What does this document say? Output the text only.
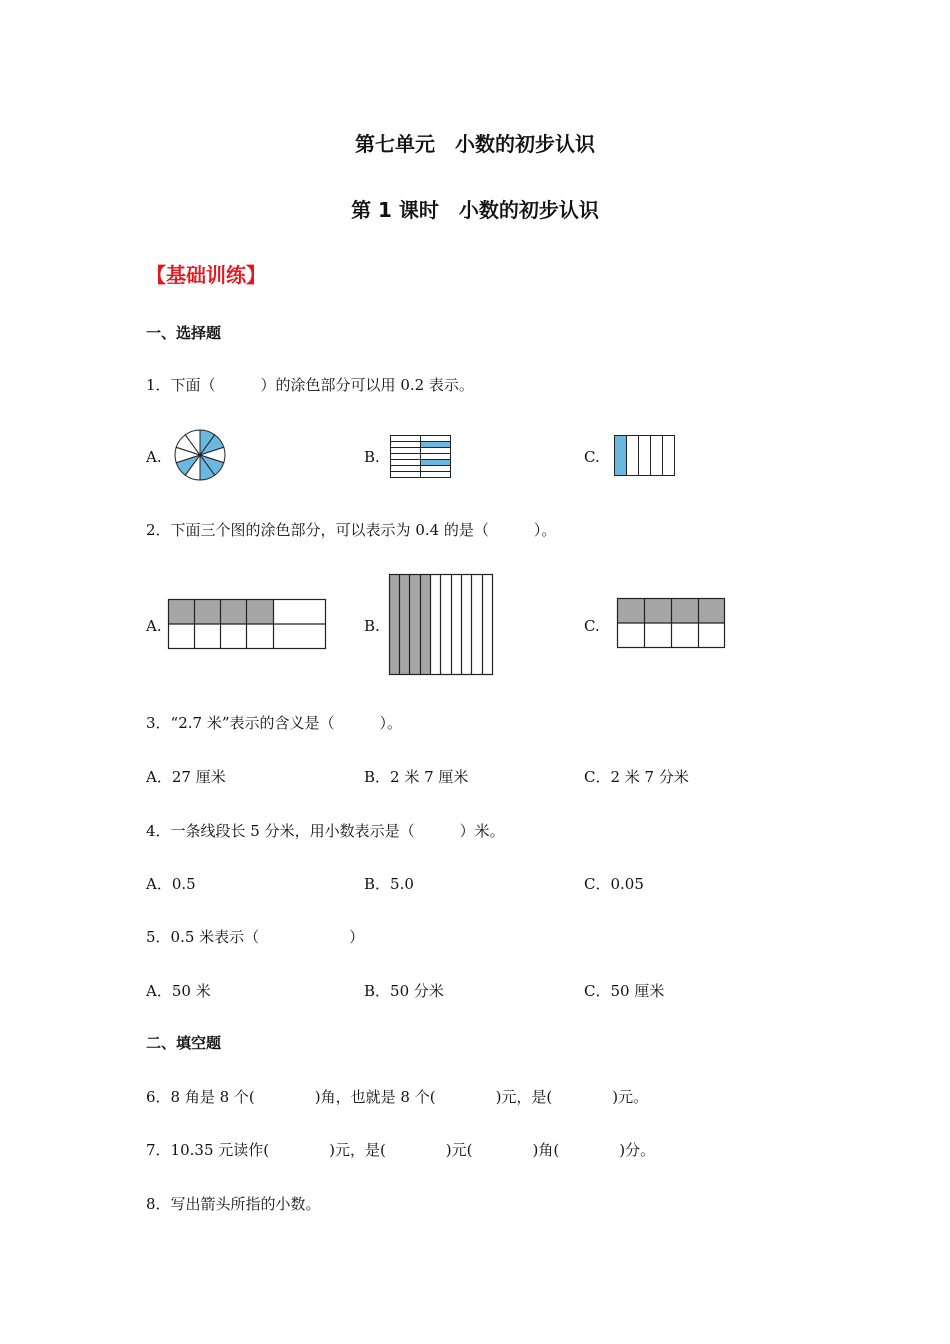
第七单元　小数的初步认识
第 1 课时　小数的初步认识
【基础训练】
一、选择题
1．下面（　　　）的涂色部分可以用 0.2 表示。
A.	B.	C.
2．下面三个图的涂色部分，可以表示为 0.4 的是（　　　）。
A.	B.	C.
3．“2.7 米”表示的含义是（　　　）。
A．27 厘米	B．2 米 7 厘米	C．2 米 7 分米
4．一条线段长 5 分米，用小数表示是（　　　）米。
A．0.5	B．5.0	C．0.05
5．0.5 米表示（　　　　　　）
A．50 米	B．50 分米	C．50 厘米
二、填空题
6．8 角是 8 个(　　　　)角，也就是 8 个(　　　　)元，是(　　　　)元。
7．10.35 元读作(　　　　)元，是(　　　　)元(　　　　)角(　　　　)分。
8．写出箭头所指的小数。
